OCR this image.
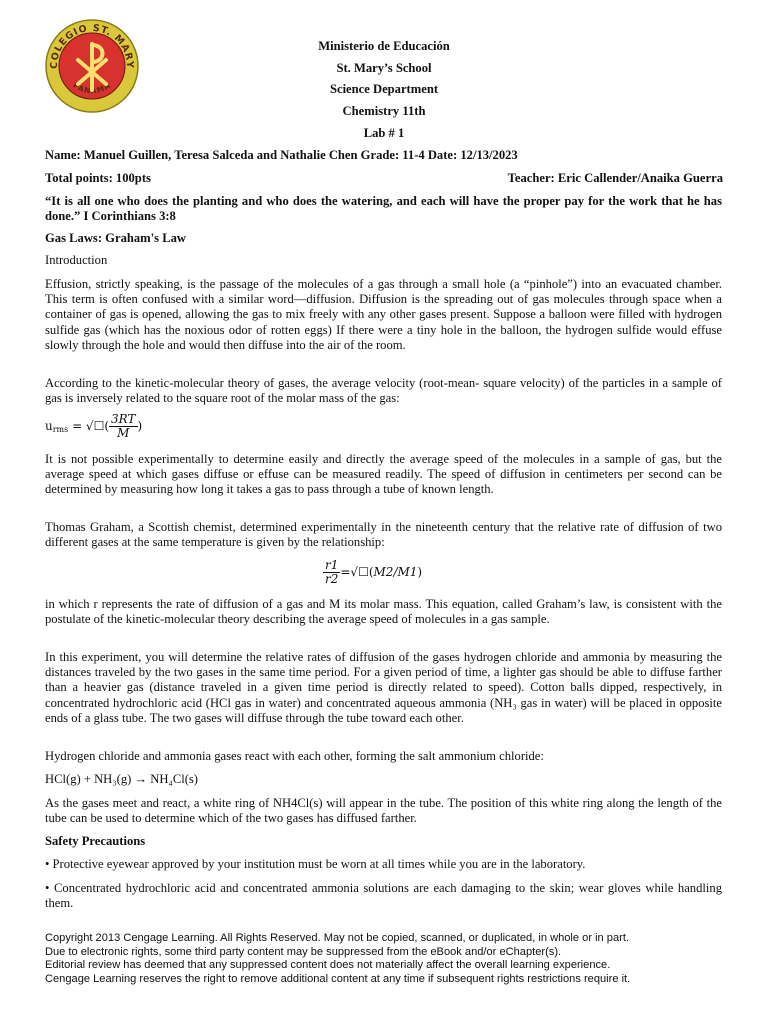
COLEGIO ST. MARY
PANAMA
Ministerio de Educación
St. Mary’s School
Science Department
Chemistry 11th
Lab # 1
Name: Manuel Guillen, Teresa Salceda and Nathalie Chen Grade: 11-4 Date: 12/13/2023
Total points: 100pts	Teacher: Eric Callender/Anaika Guerra
“It is all one who does the planting and who does the watering, and each will have the proper pay for the work that he has done.” I Corinthians 3:8
Gas Laws: Graham's Law
Introduction
Effusion, strictly speaking, is the passage of the molecules of a gas through a small hole (a “pinhole”) into an evacuated chamber. This term is often confused with a similar word—diffusion. Diffusion is the spreading out of gas molecules through space when a container of gas is opened, allowing the gas to mix freely with any other gases present. Suppose a balloon were filled with hydrogen sulfide gas (which has the noxious odor of rotten eggs) If there were a tiny hole in the balloon, the hydrogen sulfide would effuse slowly through the hole and would then diffuse into the air of the room.
According to the kinetic-molecular theory of gases, the average velocity (root-mean- square velocity) of the particles in a sample of gas is inversely related to the square root of the molar mass of the gas:
urms = √☐( $\frac{3RT}{M}$ )
It is not possible experimentally to determine easily and directly the average speed of the molecules in a sample of gas, but the average speed at which gases diffuse or effuse can be measured readily. The speed of diffusion in centimeters per second can be determined by measuring how long it takes a gas to pass through a tube of known length.
Thomas Graham, a Scottish chemist, determined experimentally in the nineteenth century that the relative rate of diffusion of two different gases at the same temperature is given by the relationship:
$\frac{r1}{r2}$ =√☐(M2/M1)
in which r represents the rate of diffusion of a gas and M its molar mass. This equation, called Graham’s law, is consistent with the postulate of the kinetic-molecular theory describing the average speed of molecules in a gas sample.
In this experiment, you will determine the relative rates of diffusion of the gases hydrogen chloride and ammonia by measuring the distances traveled by the two gases in the same time period. For a given period of time, a lighter gas should be able to diffuse farther than a heavier gas (distance traveled in a given time period is directly related to speed). Cotton balls dipped, respectively, in concentrated hydrochloric acid (HCl gas in water) and concentrated aqueous ammonia (NH₃ gas in water) will be placed in opposite ends of a glass tube. The two gases will diffuse through the tube toward each other.
Hydrogen chloride and ammonia gases react with each other, forming the salt ammonium chloride:
HCl(g) + NH₃(g) → NH₄Cl(s)
As the gases meet and react, a white ring of NH4Cl(s) will appear in the tube. The position of this white ring along the length of the tube can be used to determine which of the two gases has diffused farther.
Safety Precautions
• Protective eyewear approved by your institution must be worn at all times while you are in the laboratory.
• Concentrated hydrochloric acid and concentrated ammonia solutions are each damaging to the skin; wear gloves while handling them.
Copyright 2013 Cengage Learning. All Rights Reserved. May not be copied, scanned, or duplicated, in whole or in part.
Due to electronic rights, some third party content may be suppressed from the eBook and/or eChapter(s).
Editorial review has deemed that any suppressed content does not materially affect the overall learning experience.
Cengage Learning reserves the right to remove additional content at any time if subsequent rights restrictions require it.
